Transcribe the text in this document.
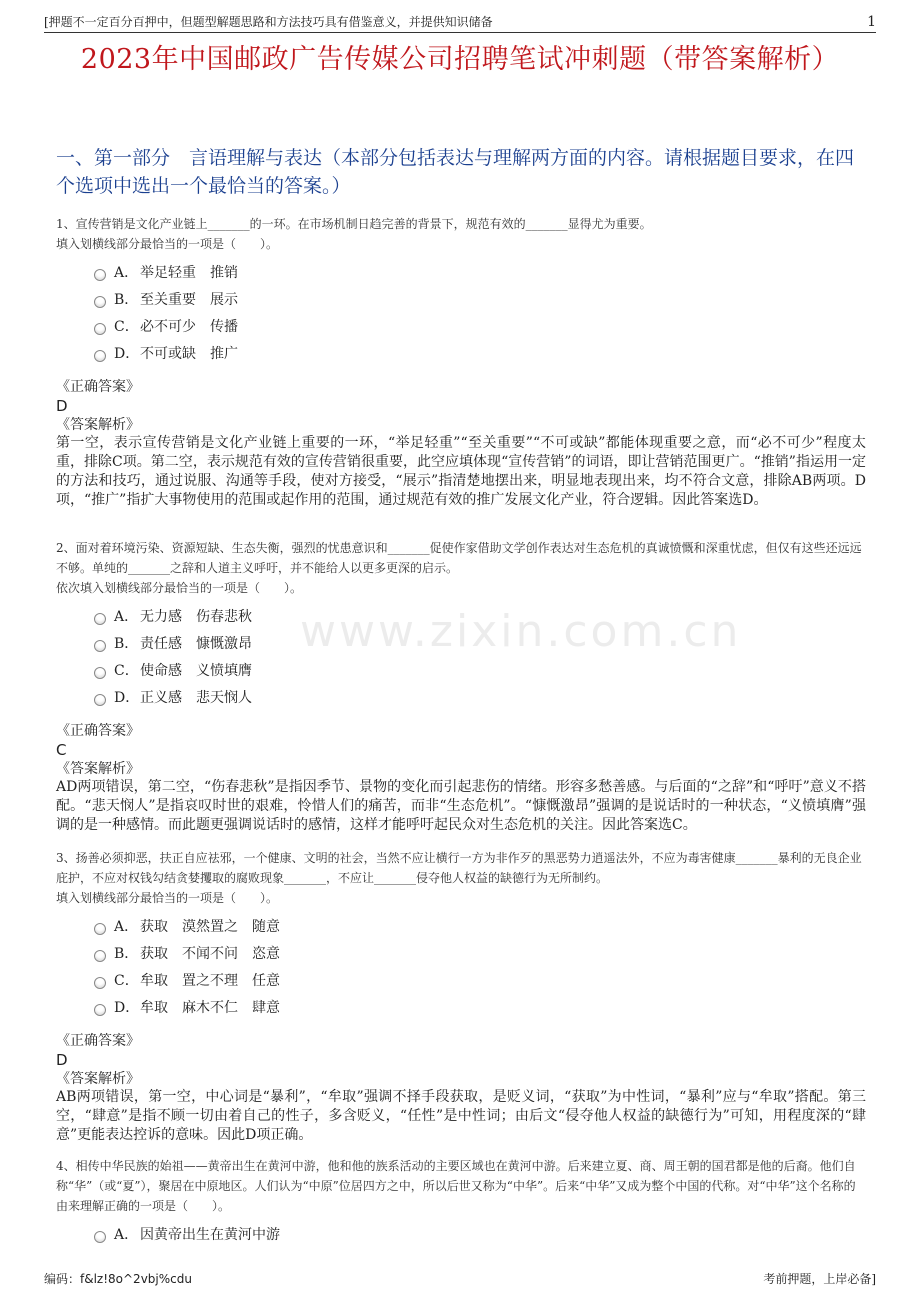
[押题不一定百分百押中，但题型解题思路和方法技巧具有借鉴意义，并提供知识储备	1
2023年中国邮政广告传媒公司招聘笔试冲刺题（带答案解析）
一、第一部分　言语理解与表达（本部分包括表达与理解两方面的内容。请根据题目要求，在四个选项中选出一个最恰当的答案。）
www.zixin.com.cn

1、宣传营销是文化产业链上_______的一环。在市场机制日趋完善的背景下，规范有效的_______显得尤为重要。

填入划横线部分最恰当的一项是（　　）。

A． 举足轻重　推销
B． 至关重要　展示
C． 必不可少　传播
D． 不可或缺　推广
《正确答案》
D
《答案解析》

第一空，表示宣传营销是文化产业链上重要的一环，“举足轻重”“至关重要”“不可或缺”都能体现重要之意，而“必不可少”程度太重，排除C项。第二空，表示规范有效的宣传营销很重要，此空应填体现“宣传营销”的词语，即让营销范围更广。“推销”指运用一定的方法和技巧，通过说服、沟通等手段，使对方接受，“展示”指清楚地摆出来，明显地表现出来，均不符合文意，排除AB两项。D项，“推广”指扩大事物使用的范围或起作用的范围，通过规范有效的推广发展文化产业，符合逻辑。因此答案选D。

2、面对着环境污染、资源短缺、生态失衡，强烈的忧患意识和_______促使作家借助文学创作表达对生态危机的真诚愤慨和深重忧虑，但仅有这些还远远不够。单纯的_______之辞和人道主义呼吁，并不能给人以更多更深的启示。

依次填入划横线部分最恰当的一项是（　　）。

A． 无力感　伤春悲秋
B． 责任感　慷慨激昂
C． 使命感　义愤填膺
D． 正义感　悲天悯人
《正确答案》
C
《答案解析》

AD两项错误，第二空，“伤春悲秋”是指因季节、景物的变化而引起悲伤的情绪。形容多愁善感。与后面的“之辞”和“呼吁”意义不搭配。“悲天悯人”是指哀叹时世的艰难，怜惜人们的痛苦，而非“生态危机”。“慷慨激昂”强调的是说话时的一种状态，“义愤填膺”强调的是一种感情。而此题更强调说话时的感情，这样才能呼吁起民众对生态危机的关注。因此答案选C。

3、扬善必须抑恶，扶正自应祛邪，一个健康、文明的社会，当然不应让横行一方为非作歹的黑恶势力逍遥法外，不应为毒害健康_______暴利的无良企业庇护，不应对权钱勾结贪婪攫取的腐败现象_______，不应让_______侵夺他人权益的缺德行为无所制约。

填入划横线部分最恰当的一项是（　　）。

A． 获取　漠然置之　随意
B． 获取　不闻不问　恣意
C． 牟取　置之不理　任意
D． 牟取　麻木不仁　肆意
《正确答案》
D
《答案解析》

AB两项错误，第一空，中心词是“暴利”，“牟取”强调不择手段获取，是贬义词，“获取”为中性词，“暴利”应与“牟取”搭配。第三空，“肆意”是指不顾一切由着自己的性子，多含贬义，“任性”是中性词；由后文“侵夺他人权益的缺德行为”可知，用程度深的“肆意”更能表达控诉的意味。因此D项正确。

4、相传中华民族的始祖——黄帝出生在黄河中游，他和他的族系活动的主要区域也在黄河中游。后来建立夏、商、周王朝的国君都是他的后裔。他们自称“华”（或“夏”），聚居在中原地区。人们认为“中原”位居四方之中，所以后世又称为“中华”。后来“中华”又成为整个中国的代称。对“中华”这个名称的由来理解正确的一项是（　　）。

A． 因黄帝出生在黄河中游
编码：f&lz!8o^2vbj%cdu	考前押题，上岸必备]
